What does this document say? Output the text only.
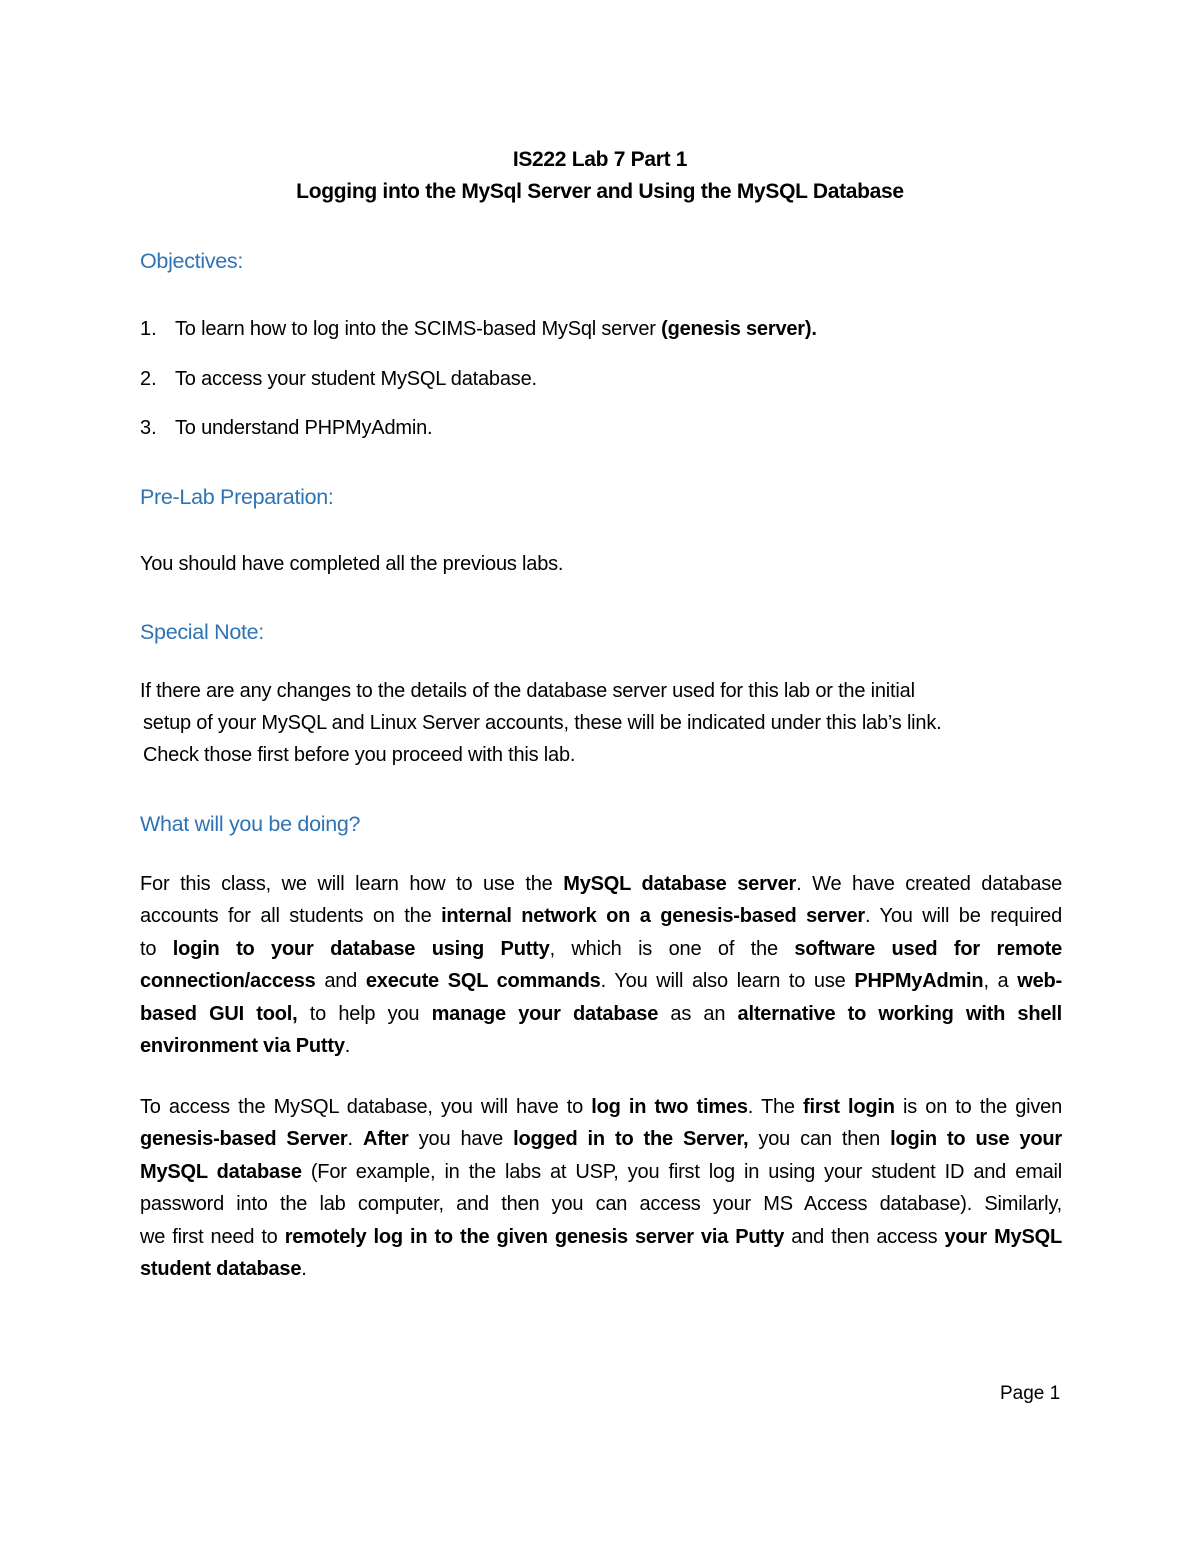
IS222 Lab 7 Part 1
Logging into the MySql Server and Using the MySQL Database
Objectives:
1. To learn how to log into the SCIMS-based MySql server (genesis server).
2. To access your student MySQL database.
3. To understand PHPMyAdmin.
Pre-Lab Preparation:
You should have completed all the previous labs.
Special Note:
If there are any changes to the details of the database server used for this lab or the initial
setup of your MySQL and Linux Server accounts, these will be indicated under this lab’s link.
Check those first before you proceed with this lab.
What will you be doing?
For this class, we will learn how to use the MySQL database server. We have created database
accounts for all students on the internal network on a genesis-based server. You will be required
to login to your database using Putty, which is one of the software used for remote
connection/access and execute SQL commands. You will also learn to use PHPMyAdmin, a web-
based GUI tool, to help you manage your database as an alternative to working with shell
environment via Putty.
To access the MySQL database, you will have to log in two times. The first login is on to the given
genesis-based Server. After you have logged in to the Server, you can then login to use your
MySQL database (For example, in the labs at USP, you first log in using your student ID and email
password into the lab computer, and then you can access your MS Access database). Similarly,
we first need to remotely log in to the given genesis server via Putty and then access your MySQL
student database.
Page 1
